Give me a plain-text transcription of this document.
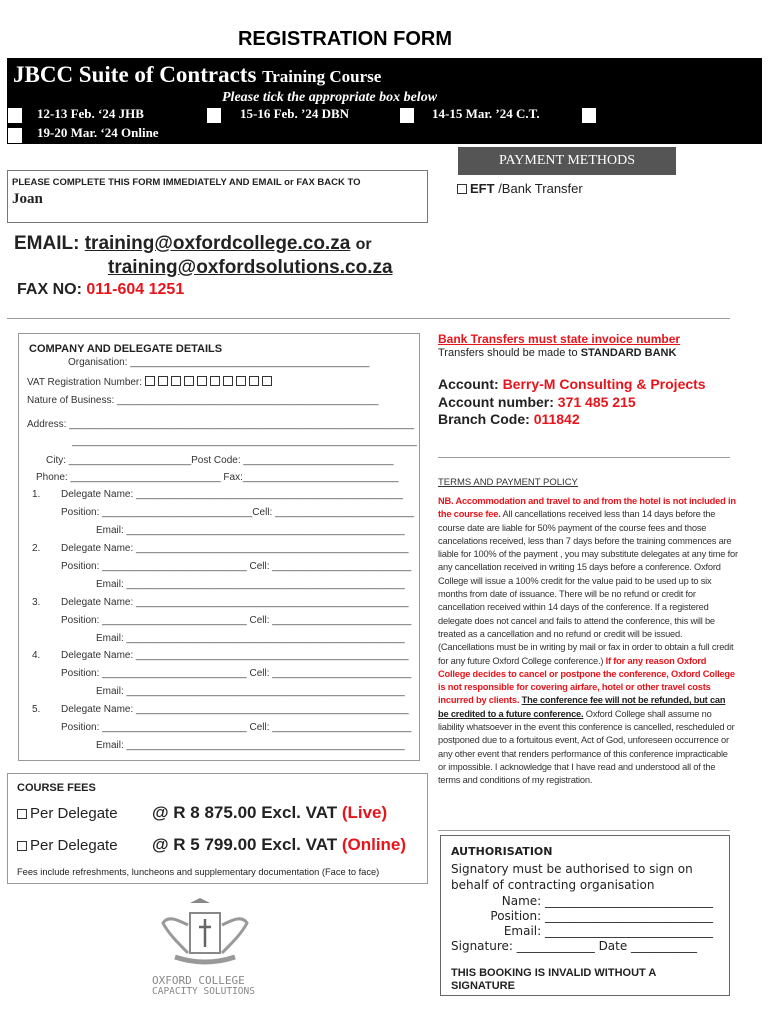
REGISTRATION FORM
JBCC Suite of Contracts Training Course
Please tick the appropriate box below
12-13 Feb. ‘24 JHB	15-16 Feb. ’24 DBN	14-15 Mar. ’24 C.T.
19-20 Mar. ‘24 Online
PAYMENT METHODS
EFT /Bank Transfer
PLEASE COMPLETE THIS FORM IMMEDIATELY AND EMAIL or FAX BACK TO
Joan
EMAIL: training@oxfordcollege.co.za or
training@oxfordsolutions.co.za
FAX NO: 011-604 1251
COMPANY AND DELEGATE DETAILS
Organisation: ___________________________________________
VAT Registration Number:
Nature of Business: _______________________________________________
Address: ______________________________________________________________
______________________________________________________________
City: ______________________Post Code: ___________________________
Phone: ___________________________ Fax:____________________________
1. Delegate Name: ________________________________________________
Position: ___________________________Cell: _________________________
Email: __________________________________________________
2. Delegate Name: _________________________________________________
Position: __________________________ Cell: _________________________
Email: __________________________________________________
3. Delegate Name: _________________________________________________
Position: __________________________ Cell: _________________________
Email: __________________________________________________
4. Delegate Name: _________________________________________________
Position: __________________________ Cell: _________________________
Email: __________________________________________________
5. Delegate Name: _________________________________________________
Position: __________________________ Cell: _________________________
Email: __________________________________________________
Bank Transfers must state invoice number
Transfers should be made to STANDARD BANK
Account: Berry-M Consulting & Projects
Account number: 371 485 215
Branch Code: 011842
TERMS AND PAYMENT POLICY
NB. Accommodation and travel to and from the hotel is not included in the course fee. All cancellations received less than 14 days before the course date are liable for 50% payment of the course fees and those cancelations received, less than 7 days before the training commences are liable for 100% of the payment , you may substitute delegates at any time for any cancellation received in writing 15 days before a conference. Oxford College will issue a 100% credit for the value paid to be used up to six months from date of issuance. There will be no refund or credit for cancellation received within 14 days of the conference. If a registered delegate does not cancel and fails to attend the conference, this will be treated as a cancellation and no refund or credit will be issued. (Cancellations must be in writing by mail or fax in order to obtain a full credit for any future Oxford College conference.) If for any reason Oxford College decides to cancel or postpone the conference, Oxford College is not responsible for covering airfare, hotel or other travel costs incurred by clients. The conference fee will not be refunded, but can be credited to a future conference. Oxford College shall assume no liability whatsoever in the event this conference is cancelled, rescheduled or postponed due to a fortuitous event, Act of God, unforeseen occurrence or any other event that renders performance of this conference impracticable or impossible. I acknowledge that I have read and understood all of the terms and conditions of my registration.
COURSE FEES
Per Delegate @ R 8 875.00 Excl. VAT (Live)
Per Delegate @ R 5 799.00 Excl. VAT (Online)
Fees include refreshments, luncheons and supplementary documentation (Face to face)
AUTHORISATION
Signatory must be authorised to sign on behalf of contracting organisation
Name: ____________________________
Position: ____________________________
Email: ____________________________
Signature: _____________ Date ___________
THIS BOOKING IS INVALID WITHOUT A SIGNATURE
OXFORD COLLEGE
CAPACITY SOLUTIONS
